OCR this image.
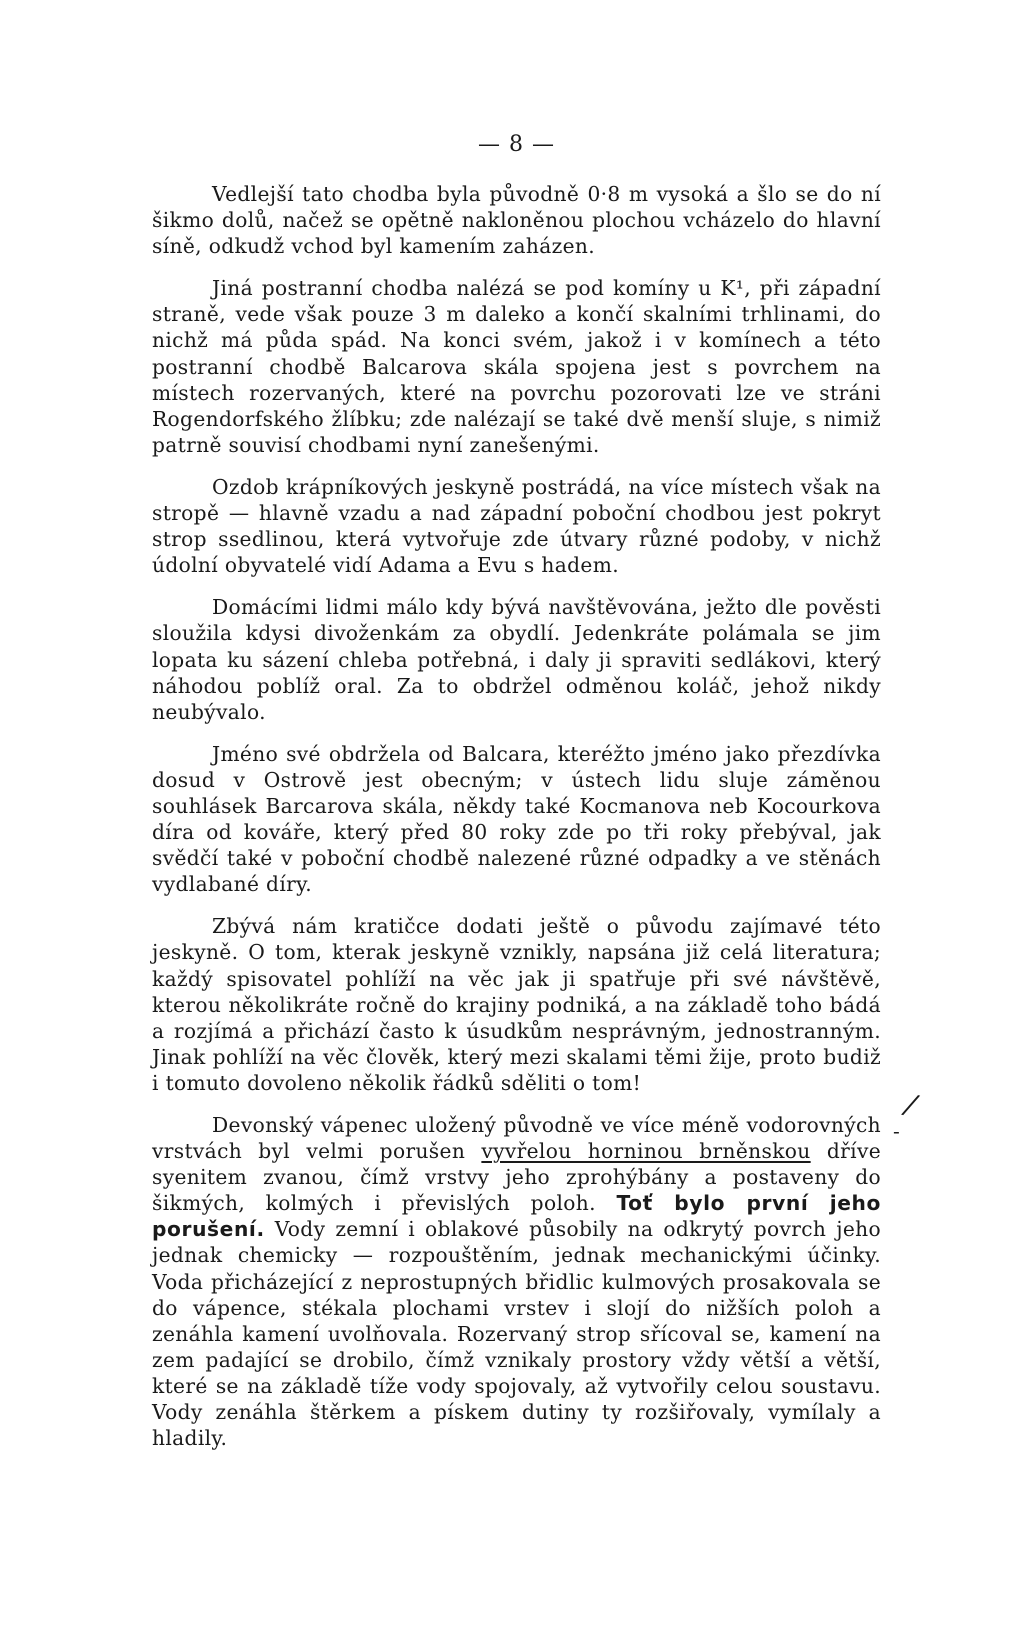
— 8 —

Vedlejší tato chodba byla původně 0·8 m vysoká a šlo se do ní šikmo dolů, načež se opětně nakloněnou plochou vcházelo do hlavní síně, odkudž vchod byl kamením zaházen.

Jiná postranní chodba nalézá se pod komíny u K¹, při západní straně, vede však pouze 3 m daleko a končí skalními trhlinami, do nichž má půda spád. Na konci svém, jakož i v komínech a této postranní chodbě Balcarova skála spojena jest s povrchem na místech rozervaných, které na povrchu pozorovati lze ve stráni Rogendorfského žlíbku; zde nalézají se také dvě menší sluje, s nimiž patrně souvisí chodbami nyní zanešenými.

Ozdob krápníkových jeskyně postrádá, na více místech však na stropě — hlavně vzadu a nad západní poboční chodbou jest pokryt strop ssedlinou, která vytvořuje zde útvary různé podoby, v nichž údolní obyvatelé vidí Adama a Evu s hadem.

Domácími lidmi málo kdy bývá navštěvována, ježto dle pověsti sloužila kdysi divoženkám za obydlí. Jedenkráte polámala se jim lopata ku sázení chleba potřebná, i daly ji spraviti sedlákovi, který náhodou poblíž oral. Za to obdržel odměnou koláč, jehož nikdy neubývalo.

Jméno své obdržela od Balcara, kteréžto jméno jako přezdívka dosud v Ostrově jest obecným; v ústech lidu sluje záměnou souhlásek Barcarova skála, někdy také Kocmanova neb Kocourkova díra od kováře, který před 80 roky zde po tři roky přebýval, jak svědčí také v poboční chodbě nalezené různé odpadky a ve stěnách vydlabané díry.

Zbývá nám kratičce dodati ještě o původu zajímavé této jeskyně. O tom, kterak jeskyně vznikly, napsána již celá literatura; každý spisovatel pohlíží na věc jak ji spatřuje při své návštěvě, kterou několikráte ročně do krajiny podniká, a na základě toho bádá a rozjímá a přichází často k úsudkům nesprávným, jednostranným. Jinak pohlíží na věc člověk, který mezi skalami těmi žije, proto budiž i tomuto dovoleno několik řádků sděliti o tom!

Devonský vápenec uložený původně ve více méně vodorovných vrstvách byl velmi porušen vyvřelou horninou brněnskou dříve syenitem zvanou, čímž vrstvy jeho zprohýbány a postaveny do šikmých, kolmých i převislých poloh. Toť bylo první jeho porušení. Vody zemní i oblakové působily na odkrytý povrch jeho jednak chemicky — rozpouštěním, jednak mechanickými účinky. Voda přicházející z neprostupných břidlic kulmových prosakovala se do vápence, stékala plochami vrstev i slojí do nižších poloh a zenáhla kamení uvolňovala. Rozervaný strop sřícoval se, kamení na zem padající se drobilo, čímž vznikaly prostory vždy větší a větší, které se na základě tíže vody spojovaly, až vytvořily celou soustavu. Vody zenáhla štěrkem a pískem dutiny ty rozšiřovaly, vymílaly a hladily.

/
-
